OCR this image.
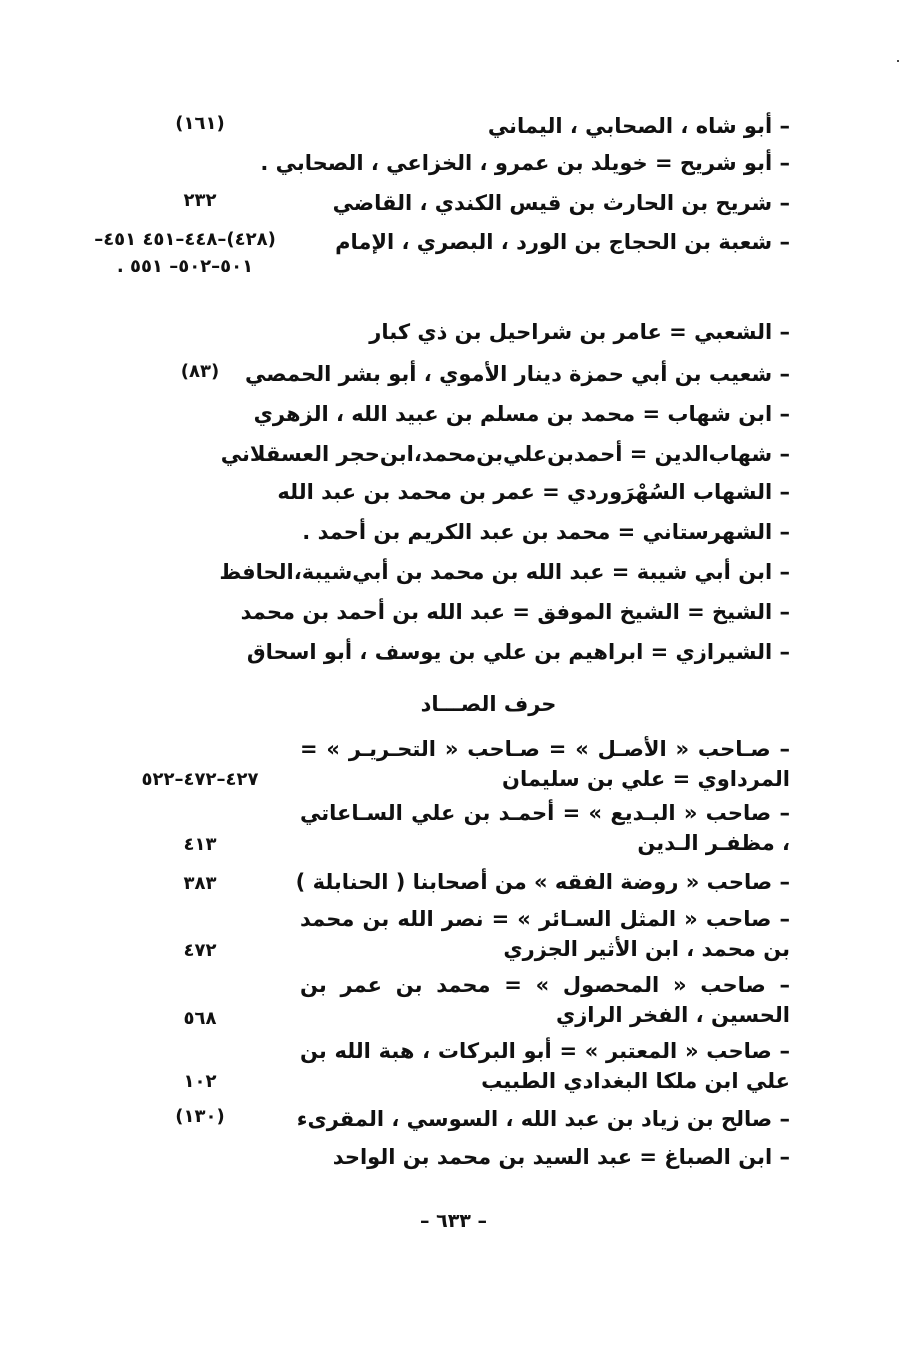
– أبو شاه ، الصحابي ، اليماني
(١٦١)
– أبو شريح = خويلد بن عمرو ، الخزاعي ، الصحابي .
– شريح بن الحارث بن قيس الكندي ، القاضي
٢٣٢
– شعبة بن الحجاج بن الورد ، البصري ، الإمام
(٤٢٨)–٤٤٨–٤٥١ ٤٥١–٥٠١–٥٠٢– ٥٥١ .
– الشعبي = عامر بن شراحيل بن ذي كبار
– شعيب بن أبي حمزة دينار الأموي ، أبو بشر الحمصي
(٨٣)
– ابن شهاب = محمد بن مسلم بن عبيد الله ، الزهري
– شهاب‌الدين = أحمدبن‌علي‌بن‌محمد،ابن‌حجر العسقلاني
– الشهاب السُهْرَوردي = عمر بن محمد بن عبد الله
– الشهرستاني = محمد بن عبد الكريم بن أحمد .
– ابن أبي شيبة = عبد الله بن محمد بن أبي‌شيبة،الحافظ
– الشيخ = الشيخ الموفق = عبد الله بن أحمد بن محمد
– الشيرازي = ابراهيم بن علي بن يوسف ، أبو اسحاق
حرف الصـــاد
– صـاحب « الأصـل » = صـاحب « التحـريـر » = المرداوي = علي بن سليمان
٤٢٧–٤٧٢–٥٢٢
– صاحب « البـديع » = أحمـد بن علي السـاعاتي ، مظفـر الـدين
٤١٣
– صاحب « روضة الفقه » من أصحابنا ( الحنابلة )
٣٨٣
– صاحب « المثل السـائر » = نصر الله بن محمد بن محمد ، ابن الأثير الجزري
٤٧٢
– صاحب « المحصول » = محمد بن عمر بن الحسين ، الفخر الرازي
٥٦٨
– صاحب « المعتبر » = أبو البركات ، هبة الله بن علي ابن ملكا البغدادي الطبيب
١٠٢
– صالح بن زياد بن عبد الله ، السوسي ، المقرىء
(١٣٠)
– ابن الصباغ = عبد السيد بن محمد بن الواحد
– ٦٣٣ –
